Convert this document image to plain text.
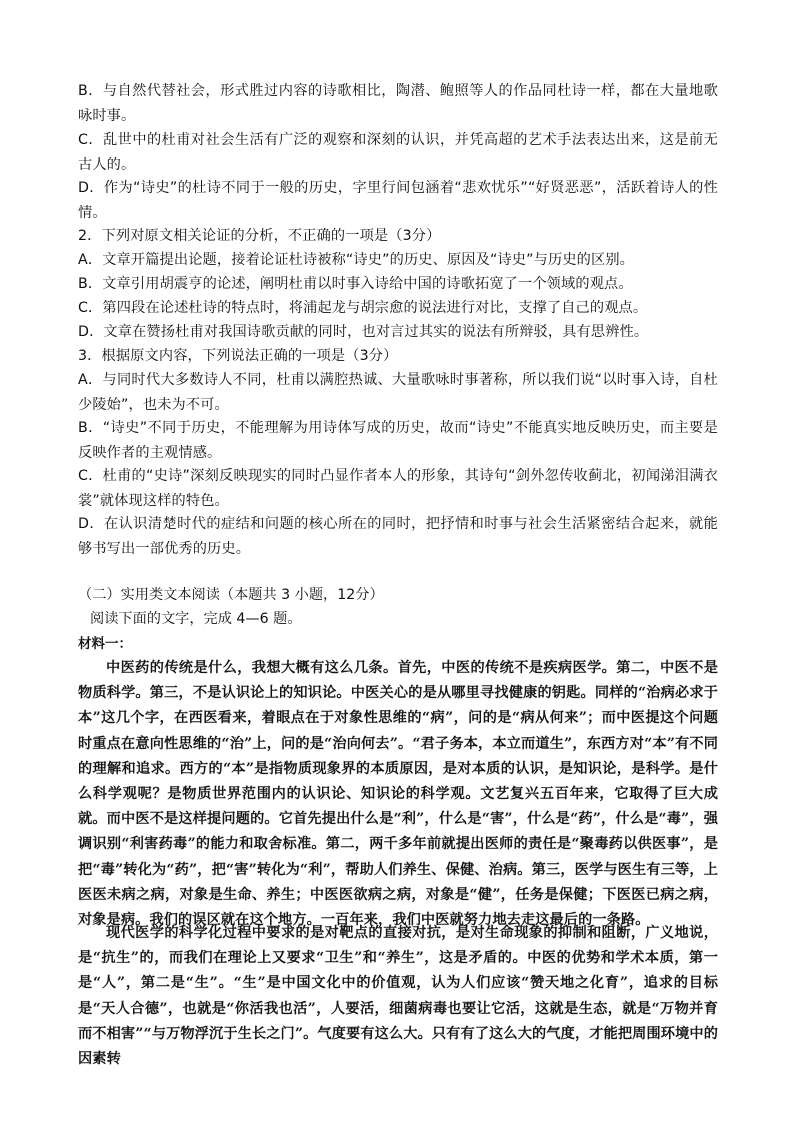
B．与自然代替社会，形式胜过内容的诗歌相比，陶潜、鲍照等人的作品同杜诗一样，都在大量地歌咏时事。

C．乱世中的杜甫对社会生活有广泛的观察和深刻的认识，并凭高超的艺术手法表达出来，这是前无古人的。

D．作为“诗史”的杜诗不同于一般的历史，字里行间包涵着“悲欢忧乐”“好贤恶恶”，活跃着诗人的性情。

2．下列对原文相关论证的分析，不正确的一项是（3分）

A．文章开篇提出论题，接着论证杜诗被称“诗史”的历史、原因及“诗史”与历史的区别。

B．文章引用胡震亨的论述，阐明杜甫以时事入诗给中国的诗歌拓宽了一个领域的观点。

C．第四段在论述杜诗的特点时，将浦起龙与胡宗愈的说法进行对比，支撑了自己的观点。

D．文章在赞扬杜甫对我国诗歌贡献的同时，也对言过其实的说法有所辩驳，具有思辨性。

3．根据原文内容，下列说法正确的一项是（3分）

A．与同时代大多数诗人不同，杜甫以满腔热诚、大量歌咏时事著称，所以我们说“以时事入诗，自杜少陵始”，也未为不可。

B．“诗史”不同于历史，不能理解为用诗体写成的历史，故而“诗史”不能真实地反映历史，而主要是反映作者的主观情感。

C．杜甫的“史诗”深刻反映现实的同时凸显作者本人的形象，其诗句“剑外忽传收蓟北，初闻涕泪满衣裳”就体现这样的特色。

D．在认识清楚时代的症结和问题的核心所在的同时，把抒情和时事与社会生活紧密结合起来，就能够书写出一部优秀的历史。

（二）实用类文本阅读（本题共 3 小题，12分）

阅读下面的文字，完成 4—6 题。

材料一：

中医药的传统是什么，我想大概有这么几条。首先，中医的传统不是疾病医学。第二，中医不是物质科学。第三，不是认识论上的知识论。中医关心的是从哪里寻找健康的钥匙。同样的“治病必求于本”这几个字，在西医看来，着眼点在于对象性思维的“病”，问的是“病从何来”；而中医提这个问题时重点在意向性思维的“治”上，问的是“治向何去”。“君子务本，本立而道生”，东西方对“本”有不同的理解和追求。西方的“本”是指物质现象界的本质原因，是对本质的认识，是知识论，是科学。是什么科学观呢？是物质世界范围内的认识论、知识论的科学观。文艺复兴五百年来，它取得了巨大成就。而中医不是这样提问题的。它首先提出什么是“利”，什么是“害”，什么是“药”，什么是“毒”，强调识别“利害药毒”的能力和取舍标准。第二，两千多年前就提出医师的责任是“聚毒药以供医事”，是把“毒”转化为“药”，把“害”转化为“利”，帮助人们养生、保健、治病。第三，医学与医生有三等，上医医未病之病，对象是生命、养生；中医医欲病之病，对象是“健”，任务是保健；下医医已病之病，对象是病。我们的误区就在这个地方。一百年来，我们中医就努力地去走这最后的一条路。

现代医学的科学化过程中要求的是对靶点的直接对抗，是对生命现象的抑制和阻断，广义地说，是“抗生”的，而我们在理论上又要求“卫生”和“养生”，这是矛盾的。中医的优势和学术本质，第一是“人”，第二是“生”。“生”是中国文化中的价值观，认为人们应该“赞天地之化育”，追求的目标是“天人合德”，也就是“你活我也活”，人要活，细菌病毒也要让它活，这就是生态，就是“万物并育而不相害”“与万物浮沉于生长之门”。气度要有这么大。只有有了这么大的气度，才能把周围环境中的因素转
